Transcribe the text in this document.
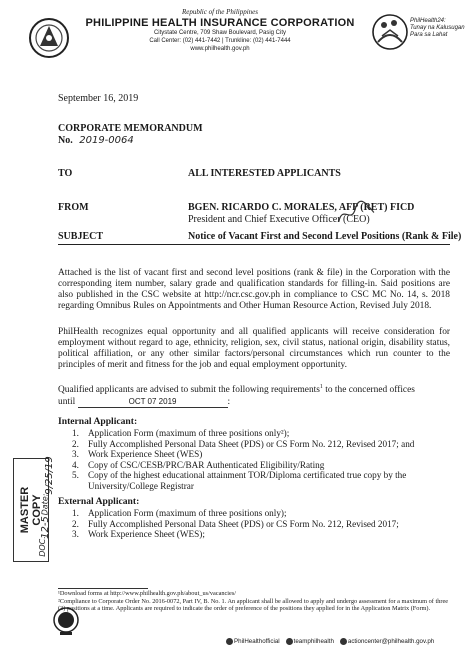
Republic of the Philippines
PHILIPPINE HEALTH INSURANCE CORPORATION
Citystate Centre, 709 Shaw Boulevard, Pasig City
Call Center: (02) 441-7442 | Trunkline: (02) 441-7444
www.philhealth.gov.ph
PhilHealth24:
Tunay na Kalusugan
Para sa Lahat
September 16, 2019
CORPORATE MEMORANDUM
No. 2019-0064
TO	ALL INTERESTED APPLICANTS
FROM	BGEN. RICARDO C. MORALES, AFP (RET) FICD
President and Chief Executive Officer (CEO)
SUBJECT	Notice of Vacant First and Second Level Positions (Rank & File)
Attached is the list of vacant first and second level positions (rank & file) in the Corporation with the corresponding item number, salary grade and qualification standards for filling-in. Said positions are also published in the CSC website at http://ncr.csc.gov.ph in compliance to CSC MC No. 14, s. 2018 regarding Omnibus Rules on Appointments and Other Human Resource Action, Revised July 2018.
PhilHealth recognizes equal opportunity and all qualified applicants will receive consideration for employment without regard to age, ethnicity, religion, sex, civil status, national origin, disability status, political affiliation, or any other similar factors/personal circumstances which run counter to the principles of merit and fitness for the job and equal employment opportunity.
Qualified applicants are advised to submit the following requirements$^1$ to the concerned offices
until	OCT 07 2019	:
Internal Applicant:
1. Application Form (maximum of three positions only²);
2. Fully Accomplished Personal Data Sheet (PDS) or CS Form No. 212, Revised 2017; and
3. Work Experience Sheet (WES)
4. Copy of CSC/CESB/PRC/BAR Authenticated Eligibility/Rating
5. Copy of the highest educational attainment TOR/Diploma certificated true copy by the University/College Registrar
External Applicant:
1. Application Form (maximum of three positions only);
2. Fully Accomplished Personal Data Sheet (PDS) or CS Form No. 212, Revised 2017;
3. Work Experience Sheet (WES);
MASTER COPY
DOC.
12-5
Date:
9/25/19
¹Download forms at http://www.philhealth.gov.ph/about_us/vacancies/
²Compliance to Corporate Order No. 2016-0072, Part IV, B. No. 1. An applicant shall be allowed to apply and undergo assessment for a maximum of three (3) positions at a time. Applicants are required to indicate the order of preference of the positions they applied for in the Application Matrix (Form).
PhilHealthofficial	teamphilhealth	actioncenter@philhealth.gov.ph
